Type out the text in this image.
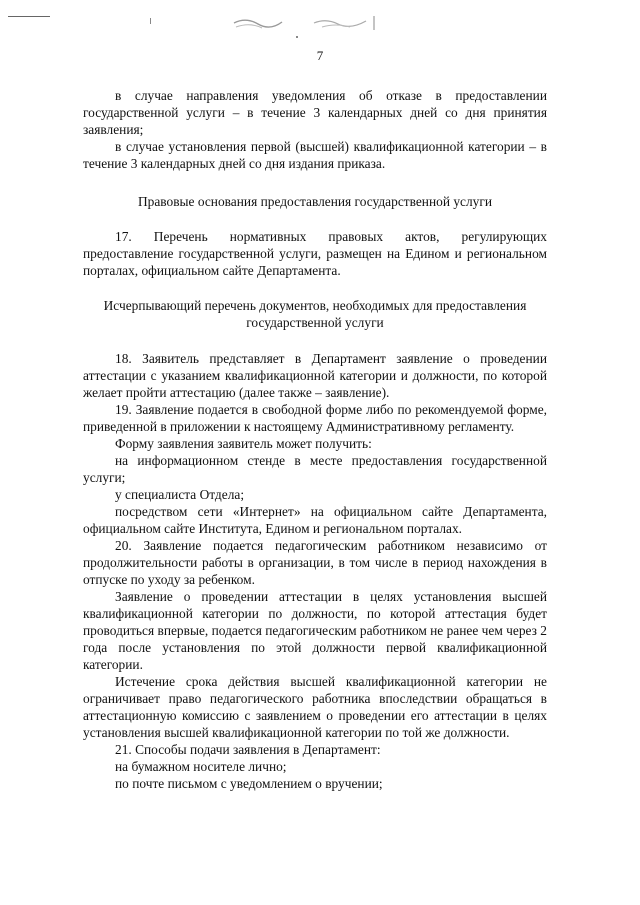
7

в случае направления уведомления об отказе в предоставлении государственной услуги – в течение 3 календарных дней со дня принятия заявления;

в случае установления первой (высшей) квалификационной категории – в течение 3 календарных дней со дня издания приказа.

Правовые основания предоставления государственной услуги

17. Перечень нормативных правовых актов, регулирующих предоставление государственной услуги, размещен на Едином и региональном порталах, официальном сайте Департамента.

Исчерпывающий перечень документов, необходимых для предоставления государственной услуги

18. Заявитель представляет в Департамент заявление о проведении аттестации с указанием квалификационной категории и должности, по которой желает пройти аттестацию (далее также – заявление).

19. Заявление подается в свободной форме либо по рекомендуемой форме, приведенной в приложении к настоящему Административному регламенту.

Форму заявления заявитель может получить:

на информационном стенде в месте предоставления государственной услуги;

у специалиста Отдела;

посредством сети «Интернет» на официальном сайте Департамента, официальном сайте Института, Едином и региональном порталах.

20. Заявление подается педагогическим работником независимо от продолжительности работы в организации, в том числе в период нахождения в отпуске по уходу за ребенком.

Заявление о проведении аттестации в целях установления высшей квалификационной категории по должности, по которой аттестация будет проводиться впервые, подается педагогическим работником не ранее чем через 2 года после установления по этой должности первой квалификационной категории.

Истечение срока действия высшей квалификационной категории не ограничивает право педагогического работника впоследствии обращаться в аттестационную комиссию с заявлением о проведении его аттестации в целях установления высшей квалификационной категории по той же должности.

21. Способы подачи заявления в Департамент:

на бумажном носителе лично;

по почте письмом с уведомлением о вручении;
